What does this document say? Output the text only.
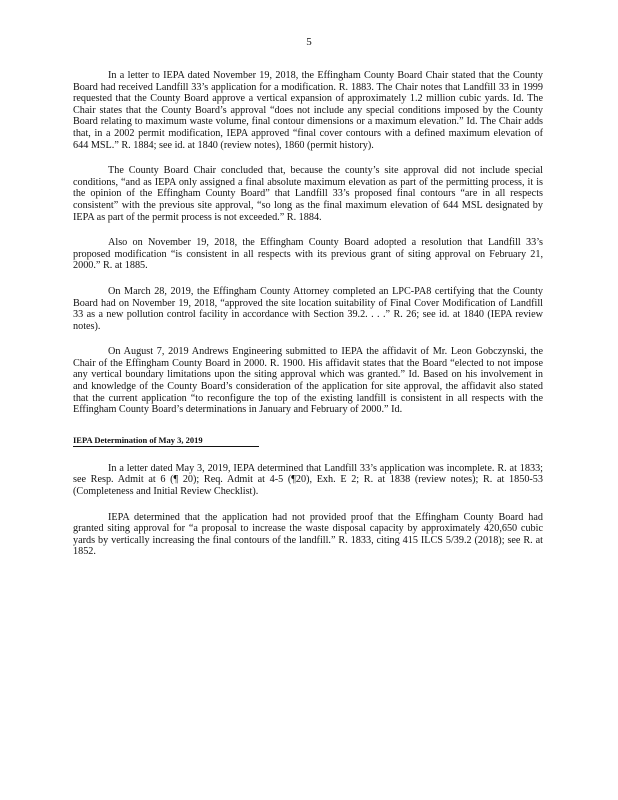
5

In a letter to IEPA dated November 19, 2018, the Effingham County Board Chair stated that the County Board had received Landfill 33’s application for a modification. R. 1883. The Chair notes that Landfill 33 in 1999 requested that the County Board approve a vertical expansion of approximately 1.2 million cubic yards. Id. The Chair states that the County Board’s approval “does not include any special conditions imposed by the County Board relating to maximum waste volume, final contour dimensions or a maximum elevation.” Id. The Chair adds that, in a 2002 permit modification, IEPA approved “final cover contours with a defined maximum elevation of 644 MSL.” R. 1884; see id. at 1840 (review notes), 1860 (permit history).

The County Board Chair concluded that, because the county’s site approval did not include special conditions, “and as IEPA only assigned a final absolute maximum elevation as part of the permitting process, it is the opinion of the Effingham County Board” that Landfill 33’s proposed final contours “are in all respects consistent” with the previous site approval, “so long as the final maximum elevation of 644 MSL designated by IEPA as part of the permit process is not exceeded.” R. 1884.

Also on November 19, 2018, the Effingham County Board adopted a resolution that Landfill 33’s proposed modification “is consistent in all respects with its previous grant of siting approval on February 21, 2000.” R. at 1885.

On March 28, 2019, the Effingham County Attorney completed an LPC-PA8 certifying that the County Board had on November 19, 2018, “approved the site location suitability of Final Cover Modification of Landfill 33 as a new pollution control facility in accordance with Section 39.2. . . .” R. 26; see id. at 1840 (IEPA review notes).

On August 7, 2019 Andrews Engineering submitted to IEPA the affidavit of Mr. Leon Gobczynski, the Chair of the Effingham County Board in 2000. R. 1900. His affidavit states that the Board “elected to not impose any vertical boundary limitations upon the siting approval which was granted.” Id. Based on his involvement in and knowledge of the County Board’s consideration of the application for site approval, the affidavit also stated that the current application “to reconfigure the top of the existing landfill is consistent in all respects with the Effingham County Board’s determinations in January and February of 2000.” Id.

IEPA Determination of May 3, 2019

In a letter dated May 3, 2019, IEPA determined that Landfill 33’s application was incomplete. R. at 1833; see Resp. Admit at 6 (¶ 20); Req. Admit at 4-5 (¶20), Exh. E 2; R. at 1838 (review notes); R. at 1850-53 (Completeness and Initial Review Checklist).

IEPA determined that the application had not provided proof that the Effingham County Board had granted siting approval for “a proposal to increase the waste disposal capacity by approximately 420,650 cubic yards by vertically increasing the final contours of the landfill.” R. 1833, citing 415 ILCS 5/39.2 (2018); see R. at 1852.
